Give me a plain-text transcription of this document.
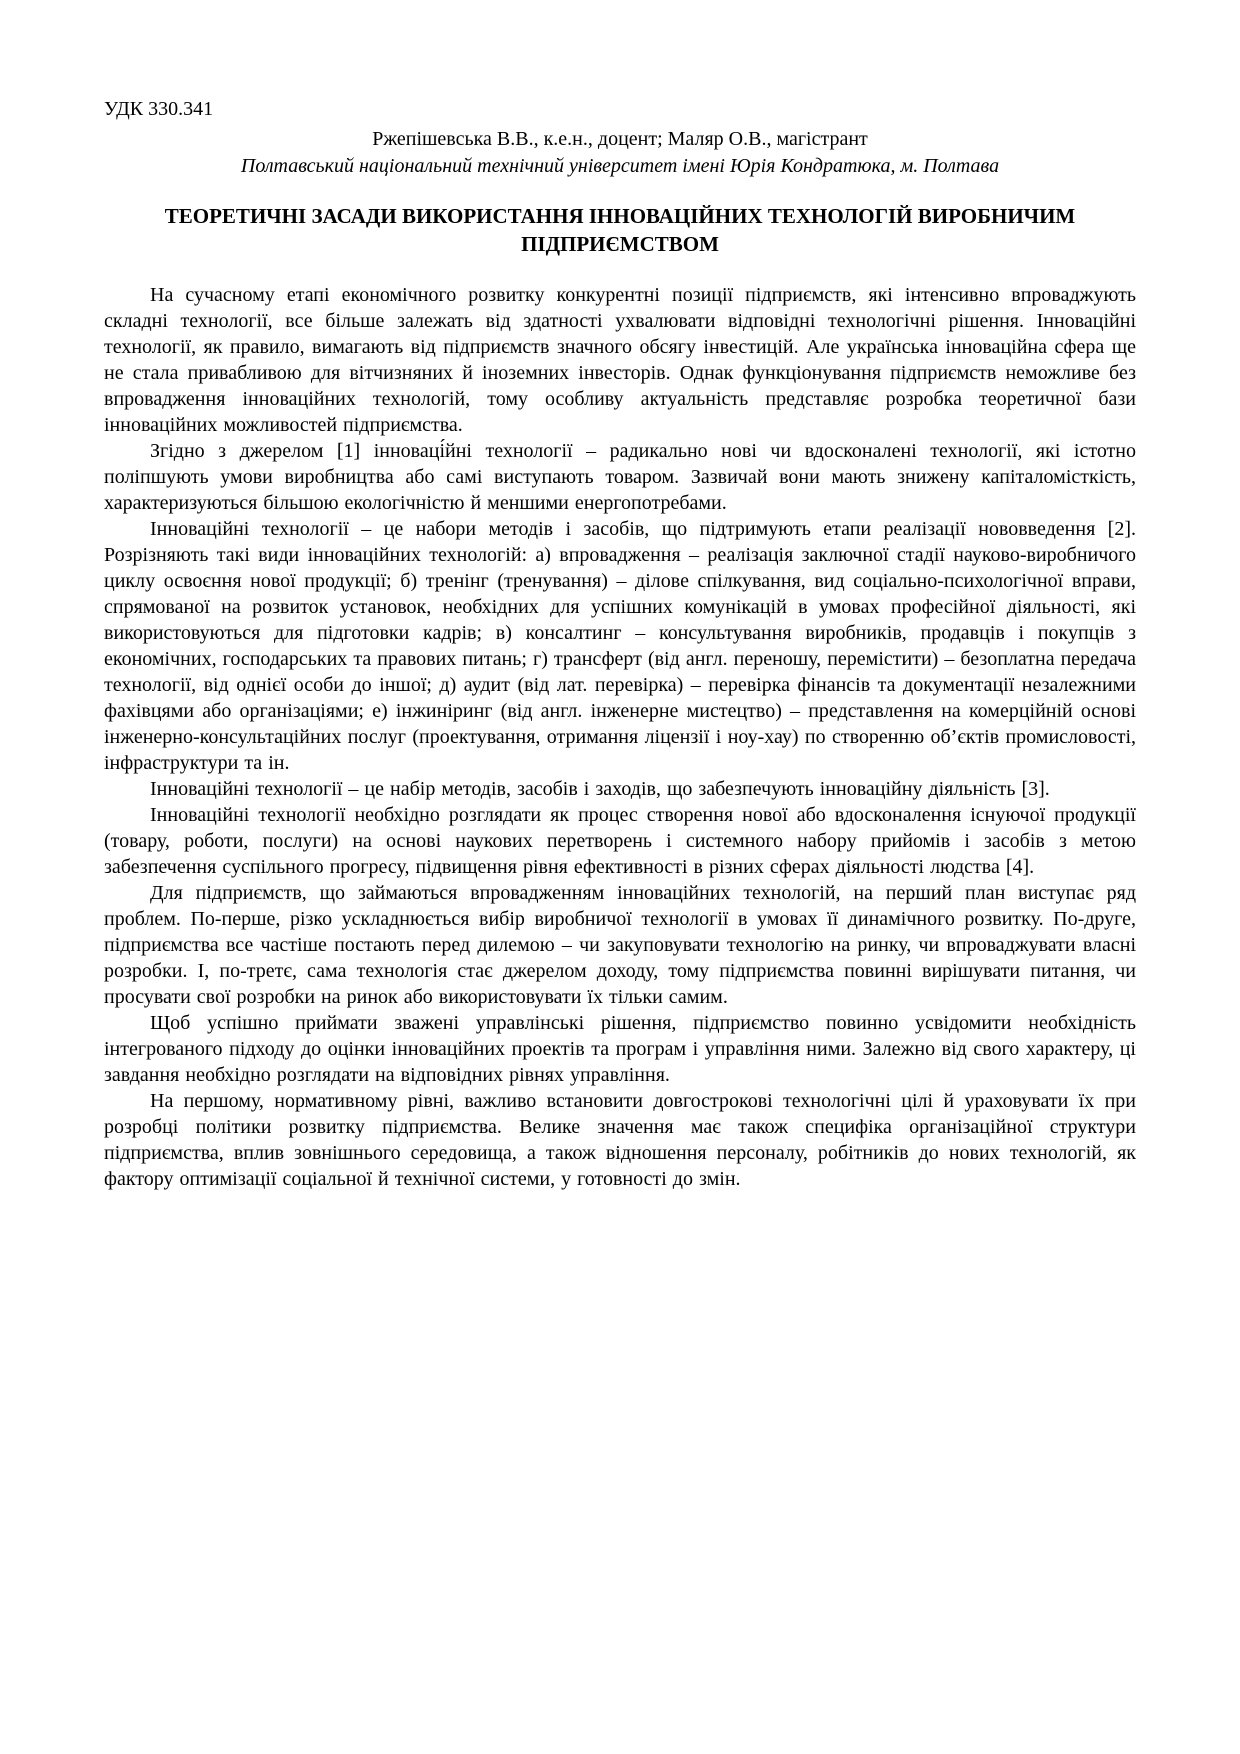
УДК 330.341

Ржепішевська В.В., к.е.н., доцент; Маляр О.В., магістрант

Полтавський національний технічний університет імені Юрія Кондратюка, м. Полтава

ТЕОРЕТИЧНІ ЗАСАДИ ВИКОРИСТАННЯ ІННОВАЦІЙНИХ ТЕХНОЛОГІЙ ВИРОБНИЧИМ ПІДПРИЄМСТВОМ

На сучасному етапі економічного розвитку конкурентні позиції підприємств, які інтенсивно впроваджують складні технології, все більше залежать від здатності ухвалювати відповідні технологічні рішення. Інноваційні технології, як правило, вимагають від підприємств значного обсягу інвестицій. Але українська інноваційна сфера ще не стала привабливою для вітчизняних й іноземних інвесторів. Однак функціонування підприємств неможливе без впровадження інноваційних технологій, тому особливу актуальність представляє розробка теоретичної бази інноваційних можливостей підприємства.

Згідно з джерелом [1] інноваці́йні технології – радикально нові чи вдосконалені технології, які істотно поліпшують умови виробництва або самі виступають товаром. Зазвичай вони мають знижену капіталомісткість, характеризуються більшою екологічністю й меншими енергопотребами.

Інноваційні технології – це набори методів і засобів, що підтримують етапи реалізації нововведення [2]. Розрізняють такі види інноваційних технологій: а) впровадження – реалізація заключної стадії науково-виробничого циклу освоєння нової продукції; б) тренінг (тренування) – ділове спілкування, вид соціально-психологічної вправи, спрямованої на розвиток установок, необхідних для успішних комунікацій в умовах професійної діяльності, які використовуються для підготовки кадрів; в) консалтинг – консультування виробників, продавців і покупців з економічних, господарських та правових питань; г) трансферт (від англ. переношу, перемістити) – безоплатна передача технології, від однієї особи до іншої; д) аудит (від лат. перевірка) – перевірка фінансів та документації незалежними фахівцями або організаціями; е) інжиніринг (від англ. інженерне мистецтво) – представлення на комерційній основі інженерно-консультаційних послуг (проектування, отримання ліцензії і ноу-хау) по створенню об’єктів промисловості, інфраструктури та ін.

Інноваційні технології – це набір методів, засобів і заходів, що забезпечують інноваційну діяльність [3].

Інноваційні технології необхідно розглядати як процес створення нової або вдосконалення існуючої продукції (товару, роботи, послуги) на основі наукових перетворень і системного набору прийомів і засобів з метою забезпечення суспільного прогресу, підвищення рівня ефективності в різних сферах діяльності людства [4].

Для підприємств, що займаються впровадженням інноваційних технологій, на перший план виступає ряд проблем. По-перше, різко ускладнюється вибір виробничої технології в умовах її динамічного розвитку. По-друге, підприємства все частіше постають перед дилемою – чи закуповувати технологію на ринку, чи впроваджувати власні розробки. І, по-третє, сама технологія стає джерелом доходу, тому підприємства повинні вирішувати питання, чи просувати свої розробки на ринок або використовувати їх тільки самим.

Щоб успішно приймати зважені управлінські рішення, підприємство повинно усвідомити необхідність інтегрованого підходу до оцінки інноваційних проектів та програм і управління ними. Залежно від свого характеру, ці завдання необхідно розглядати на відповідних рівнях управління.

На першому, нормативному рівні, важливо встановити довгострокові технологічні цілі й ураховувати їх при розробці політики розвитку підприємства. Велике значення має також специфіка організаційної структури підприємства, вплив зовнішнього середовища, а також відношення персоналу, робітників до нових технологій, як фактору оптимізації соціальної й технічної системи, у готовності до змін.
